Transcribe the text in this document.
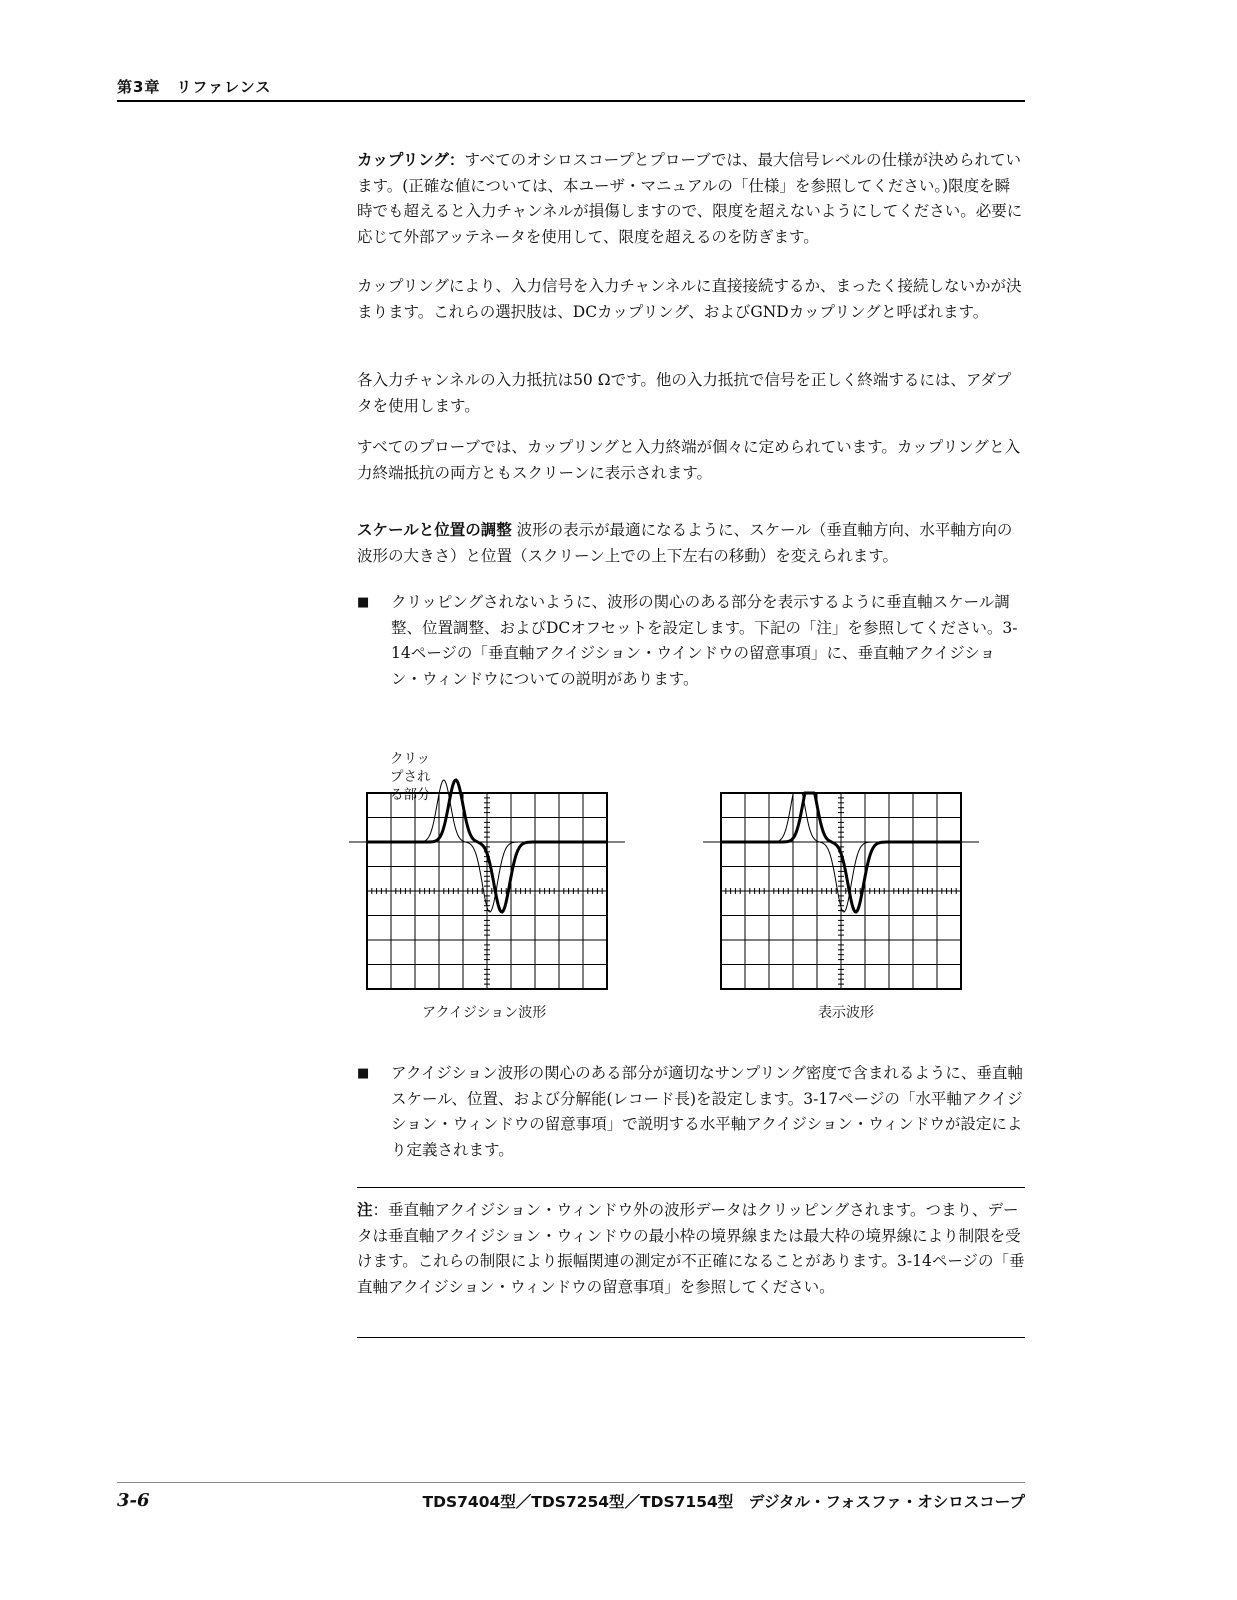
第3章　リファレンス

カップリング：すべてのオシロスコープとプローブでは、最大信号レベルの仕様が決められています。(正確な値については、本ユーザ・マニュアルの「仕様」を参照してください。)限度を瞬時でも超えると入力チャンネルが損傷しますので、限度を超えないようにしてください。必要に応じて外部アッテネータを使用して、限度を超えるのを防ぎます。

カップリングにより、入力信号を入力チャンネルに直接接続するか、まったく接続しないかが決まります。これらの選択肢は、DCカップリング、およびGNDカップリングと呼ばれます。

各入力チャンネルの入力抵抗は50 Ωです。他の入力抵抗で信号を正しく終端するには、アダプタを使用します。

すべてのプローブでは、カップリングと入力終端が個々に定められています。カップリングと入力終端抵抗の両方ともスクリーンに表示されます。

スケールと位置の調整 波形の表示が最適になるように、スケール（垂直軸方向、水平軸方向の波形の大きさ）と位置（スクリーン上での上下左右の移動）を変えられます。

■ クリッピングされないように、波形の関心のある部分を表示するように垂直軸スケール調整、位置調整、およびDCオフセットを設定します。下記の「注」を参照してください。3-14ページの「垂直軸アクイジション・ウインドウの留意事項」に、垂直軸アクイジション・ウィンドウについての説明があります。
クリップされる部分
アクイジション波形	表示波形
■ アクイジション波形の関心のある部分が適切なサンプリング密度で含まれるように、垂直軸スケール、位置、および分解能(レコード長)を設定します。3-17ページの「水平軸アクイジション・ウィンドウの留意事項」で説明する水平軸アクイジション・ウィンドウが設定により定義されます。

注：垂直軸アクイジション・ウィンドウ外の波形データはクリッピングされます。つまり、データは垂直軸アクイジション・ウィンドウの最小枠の境界線または最大枠の境界線により制限を受けます。これらの制限により振幅関連の測定が不正確になることがあります。3-14ページの「垂直軸アクイジション・ウィンドウの留意事項」を参照してください。

3-6	TDS7404型／TDS7254型／TDS7154型　デジタル・フォスファ・オシロスコープ
